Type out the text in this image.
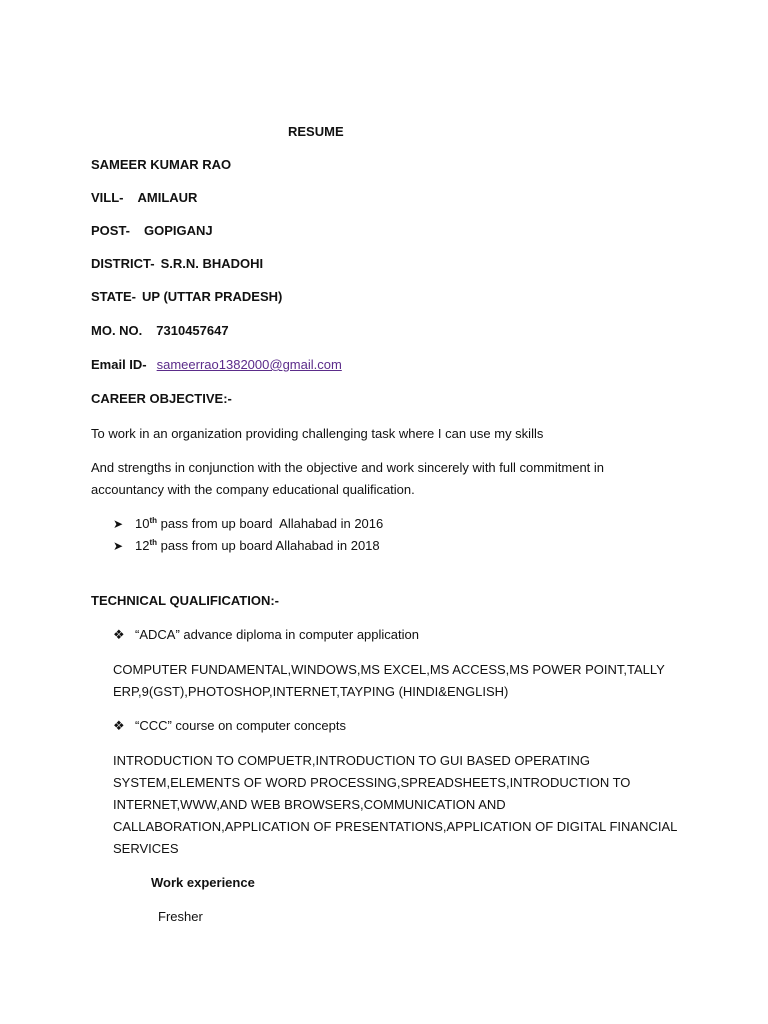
RESUME
SAMEER KUMAR RAO
VILL- AMILAUR
POST- GOPIGANJ
DISTRICT- S.R.N. BHADOHI
STATE- UP (UTTAR PRADESH)
MO. NO. 7310457647
Email ID- sameerrao1382000@gmail.com
CAREER OBJECTIVE:-
To work in an organization providing challenging task where I can use my skills
And strengths in conjunction with the objective and work sincerely with full commitment in
accountancy with the company educational qualification.
➤ 10th pass from up board  Allahabad in 2016
➤ 12th pass from up board Allahabad in 2018
TECHNICAL QUALIFICATION:-
❖ “ADCA” advance diploma in computer application
COMPUTER FUNDAMENTAL,WINDOWS,MS EXCEL,MS ACCESS,MS POWER POINT,TALLY
ERP,9(GST),PHOTOSHOP,INTERNET,TAYPING (HINDI&ENGLISH)
❖ “CCC” course on computer concepts
INTRODUCTION TO COMPUETR,INTRODUCTION TO GUI BASED OPERATING
SYSTEM,ELEMENTS OF WORD PROCESSING,SPREADSHEETS,INTRODUCTION TO
INTERNET,WWW,AND WEB BROWSERS,COMMUNICATION AND
CALLABORATION,APPLICATION OF PRESENTATIONS,APPLICATION OF DIGITAL FINANCIAL
SERVICES
Work experience
Fresher
